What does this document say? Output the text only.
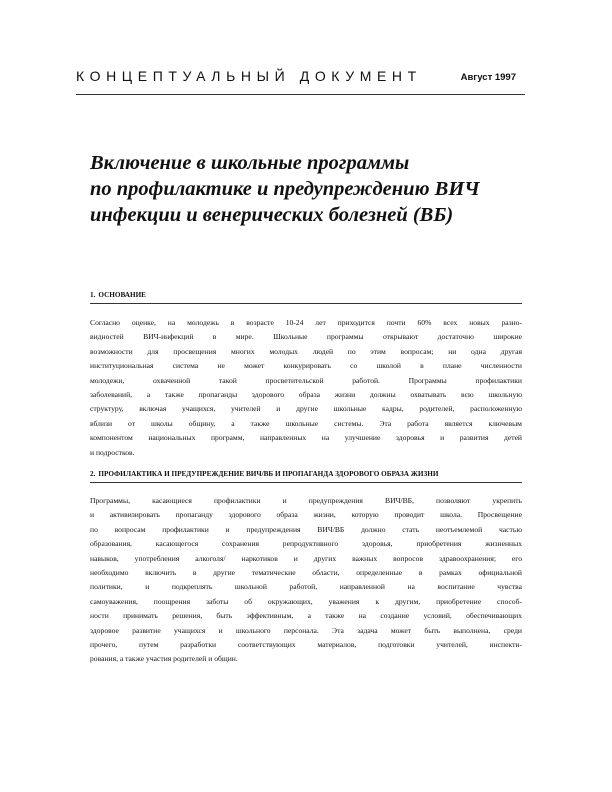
КОНЦЕПТУАЛЬНЫЙ ДОКУМЕНТ	Август 1997
Включение в школьные программы
по профилактике и предупреждению ВИЧ
инфекции и венерических болезней (ВБ)
1. ОСНОВАНИЕ
Согласно оценке, на молодежь в возрасте 10-24 лет приходится почти 60% всех новых разно-
видностей ВИЧ-инфекций в мире. Школьные программы открывают достаточно широкие
возможности для просвещения многих молодых людей по этим вопросам; ни одна другая
институциональная система не может конкурировать со школой в плане численности
молодежи, охваченной такой просветительской работой. Программы профилактики
заболеваний, а также пропаганды здорового образа жизни должны охватывать всю школьную
структуру, включая учащихся, учителей и другие школьные кадры, родителей, расположенную
вблизи от школы общину, а также школьные системы. Эта работа является ключевым
компонентом национальных программ, направленных на улучшение здоровья и развития детей
и подростков.
2. ПРОФИЛАКТИКА И ПРЕДУПРЕЖДЕНИЕ ВИЧ/ВБ И ПРОПАГАНДА ЗДОРОВОГО ОБРАЗА ЖИЗНИ
Программы, касающиеся профилактики и предупреждения ВИЧ/ВБ, позволяют укрепить
и активизировать пропаганду здорового образа жизни, которую проводит школа. Просвещение
по вопросам профилактики и предупреждения ВИЧ/ВБ должно стать неотъемлемой частью
образования, касающегося сохранения репродуктивного здоровья, приобретения жизненных
навыков, употребления алкоголя/ наркотиков и других важных вопросов здравоохранения; его
необходимо включить в другие тематические области, определенные в рамках официальной
политики, и подкреплять школьной работой, направленной на воспитание чувства
самоуважения, поощрения заботы об окружающих, уважения к другим, приобретение способ-
ности принимать решения, быть эффективным, а также на создание условий, обеспечивающих
здоровое развитие учащихся и школьного персонала. Эта задача может быть выполнена, среди
прочего, путем разработки соответствующих материалов, подготовки учителей, инспекти-
рования, а также участия родителей и общин.
